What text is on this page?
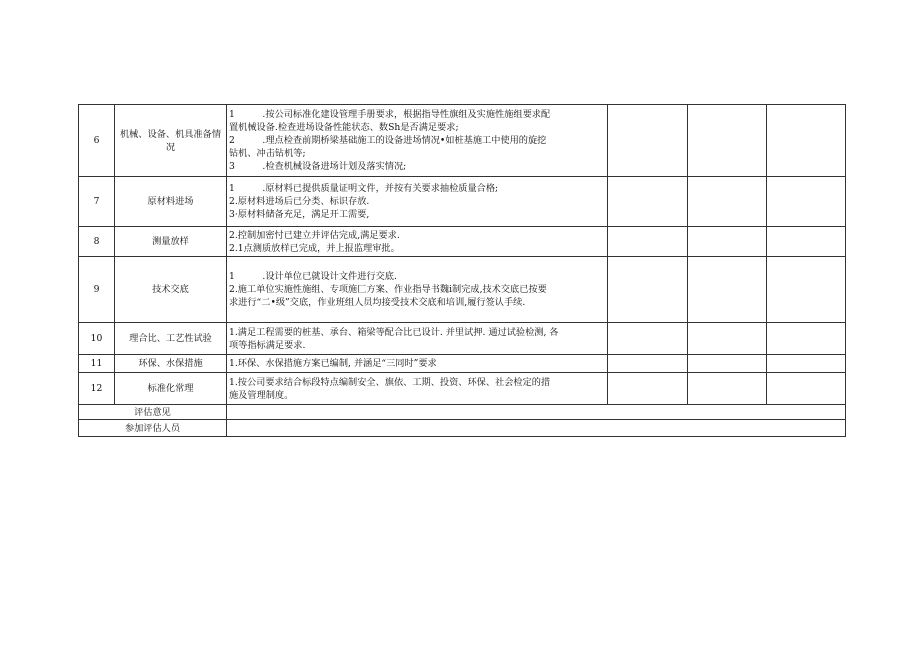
6	机械、设备、机具准备情况	1　　　.按公司标准化建设管理手册要求，根据指导性旗组及实施性施组要求配
置机械设备.检查进场设备性能状态、数Sh是否满足要求;
2　　　.理点检查前期桥梁基础施工的设备进场情况•如桩基施工中使用的旋挖
钻机、冲击钻机等;
3　　　.检查机械设备进场计划及落实情况;			

7	原材料进场	1　　　.原材料已提供质量证明文件，并按有关要求抽检质量合格;
2.原材料进场后已分类、标识存放.
3·原材料储备充足，满足开工需要,			

8	测量放样	2.控制加密忖已建立并评估完成,满足要求.
2.1点测质放样已完成，并上报监理审批。			

9	技术交底	1　　　.设计单位已就设计文件进行交底.
2.施工单位实施性施组、专项施匚方案、作业指导书魏i制完成,技术交底已按要
求进行“二•级”交底，作业班组人员均接受技术交底和培训,履行签认手续.			

10	理合比、工艺性试验	1.满足工程需要的桩基、承台、箱梁等配合比已设计. 并里试押. 通过试验检测, 各
项等指标满足要求.			

11	环保、水保措施	1.环保、水保措施方案已编制, 并涵足“三同时”要求			

12	标准化常理	1.按公司要求结合标段特点编制安全、旗依、工期、投资、环保、社会检定的措
施及管理制度。			

评估意见					
参加评估人员					
